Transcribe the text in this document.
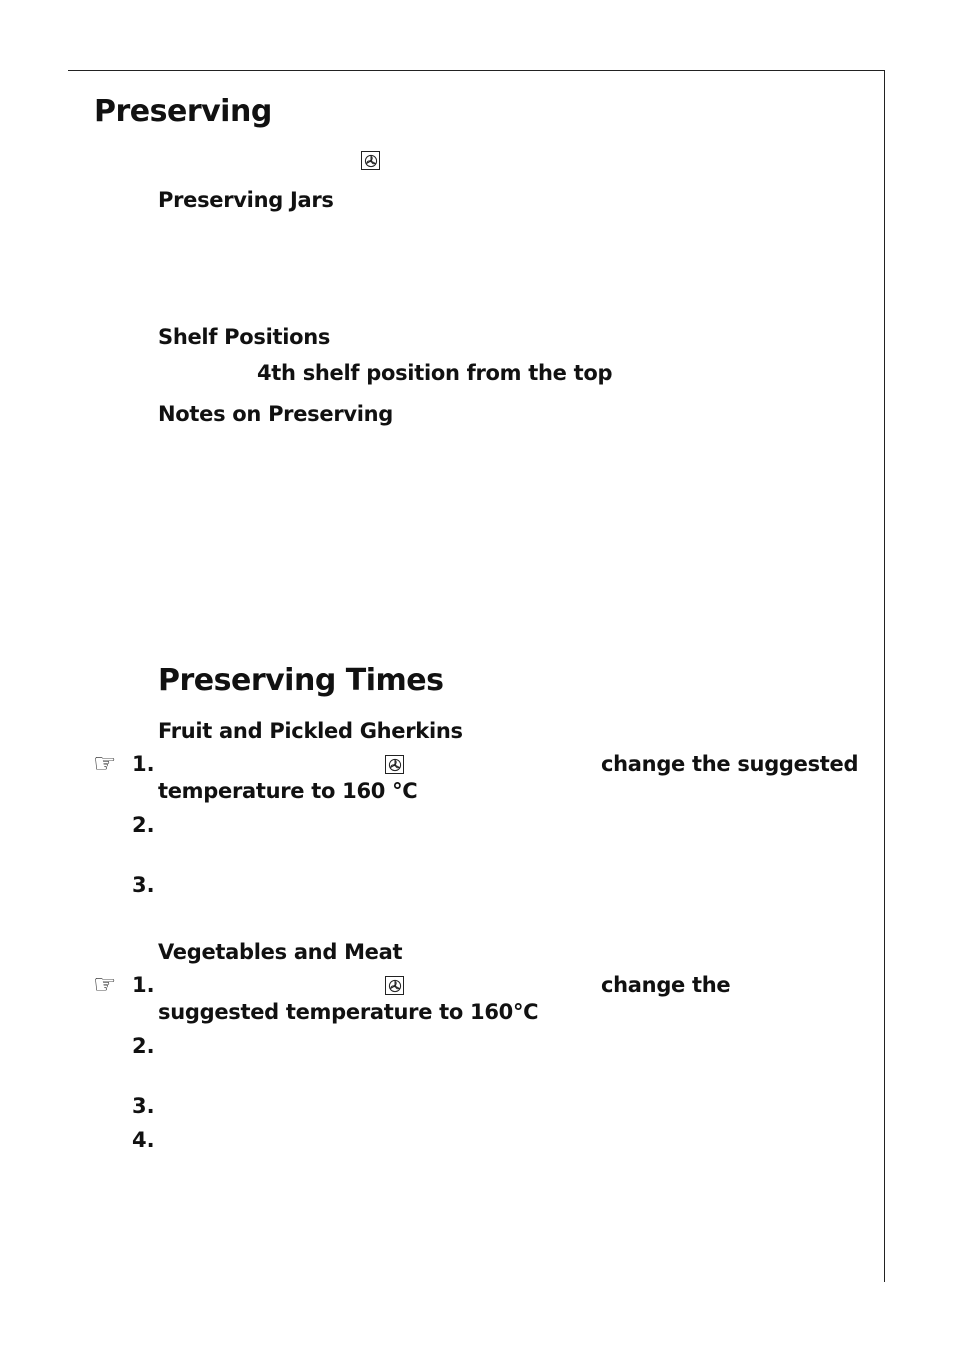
Preserving
Preserving Jars
Shelf Positions
4th shelf position from the top
Notes on Preserving
Preserving Times
Fruit and Pickled Gherkins
☞ 1.	change the suggested
temperature to 160 °C
2.
3.
Vegetables and Meat
☞ 1.	change the
suggested temperature to 160°C
2.
3.
4.
